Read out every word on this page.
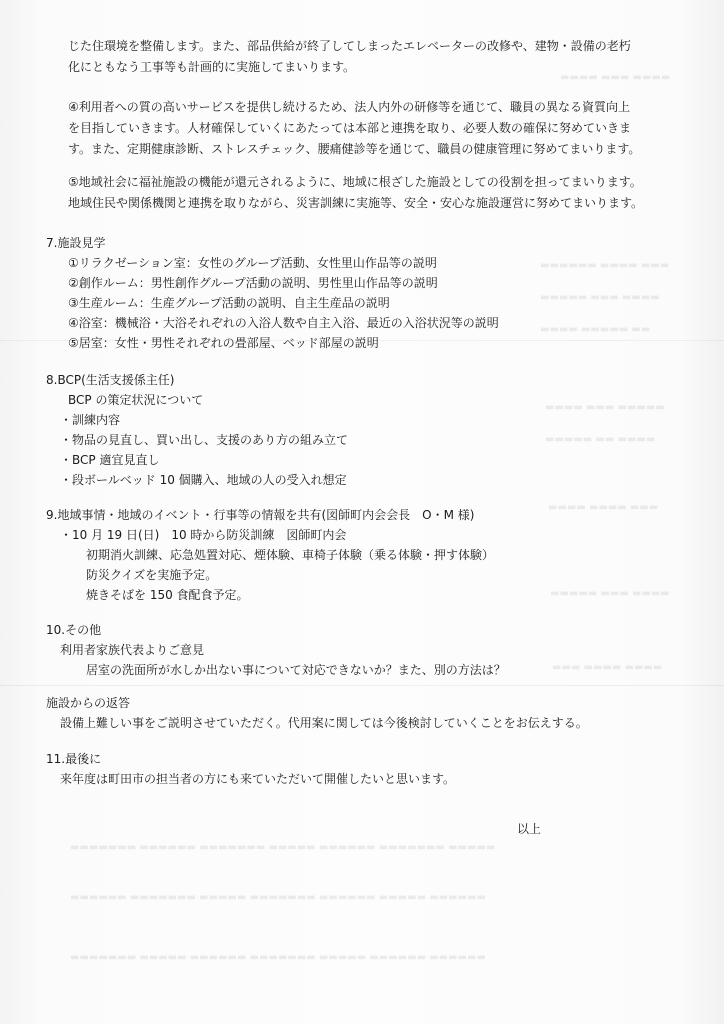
▬▬▬▬ ▬▬▬ ▬▬▬▬
▬▬▬▬▬▬ ▬▬▬▬ ▬▬▬
▬▬▬▬▬ ▬▬▬ ▬▬▬▬
▬▬▬▬ ▬▬▬▬▬ ▬▬
▬▬▬▬ ▬▬▬ ▬▬▬▬▬
▬▬▬▬▬ ▬▬ ▬▬▬▬
▬▬▬▬ ▬▬▬▬ ▬▬▬
▬▬▬▬▬ ▬▬▬ ▬▬▬▬
▬▬▬ ▬▬▬▬ ▬▬▬▬
▬▬▬▬▬▬▬ ▬▬▬▬▬▬ ▬▬▬▬▬▬▬ ▬▬▬▬▬ ▬▬▬▬▬▬ ▬▬▬▬▬▬▬ ▬▬▬▬▬
▬▬▬▬▬▬ ▬▬▬▬▬▬▬ ▬▬▬▬▬ ▬▬▬▬▬▬▬ ▬▬▬▬▬▬ ▬▬▬▬▬ ▬▬▬▬▬▬
▬▬▬▬▬▬▬ ▬▬▬▬▬ ▬▬▬▬▬▬ ▬▬▬▬▬▬▬ ▬▬▬▬▬ ▬▬▬▬▬▬ ▬▬▬▬▬▬
じた住環境を整備します。また、部品供給が終了してしまったエレベーターの改修や、建物・設備の老朽
化にともなう工事等も計画的に実施してまいります。
④利用者への質の高いサービスを提供し続けるため、法人内外の研修等を通じて、職員の異なる資質向上
を目指していきます。人材確保していくにあたっては本部と連携を取り、必要人数の確保に努めていきま
す。また、定期健康診断、ストレスチェック、腰痛健診等を通じて、職員の健康管理に努めてまいります。
⑤地域社会に福祉施設の機能が還元されるように、地域に根ざした施設としての役割を担ってまいります。
地域住民や関係機関と連携を取りながら、災害訓練に実施等、安全・安心な施設運営に努めてまいります。
7.施設見学
①リラクゼーション室：女性のグループ活動、女性里山作品等の説明
②創作ルーム：男性創作グループ活動の説明、男性里山作品等の説明
③生産ルーム：生産グループ活動の説明、自主生産品の説明
④浴室：機械浴・大浴それぞれの入浴人数や自主入浴、最近の入浴状況等の説明
⑤居室：女性・男性それぞれの畳部屋、ベッド部屋の説明
8.BCP(生活支援係主任)
BCP の策定状況について
・訓練内容
・物品の見直し、買い出し、支援のあり方の組み立て
・BCP 適宜見直し
・段ボールベッド 10 個購入、地域の人の受入れ想定
9.地域事情・地域のイベント・行事等の情報を共有(図師町内会会長　O・M 様)
・10 月 19 日(日)　10 時から防災訓練　図師町内会
初期消火訓練、応急処置対応、煙体験、車椅子体験（乗る体験・押す体験）
防災クイズを実施予定。
焼きそばを 150 食配食予定。
10.その他
利用者家族代表よりご意見
居室の洗面所が水しか出ない事について対応できないか？また、別の方法は？
施設からの返答
設備上難しい事をご説明させていただく。代用案に関しては今後検討していくことをお伝えする。
11.最後に
来年度は町田市の担当者の方にも来ていただいて開催したいと思います。
以上
